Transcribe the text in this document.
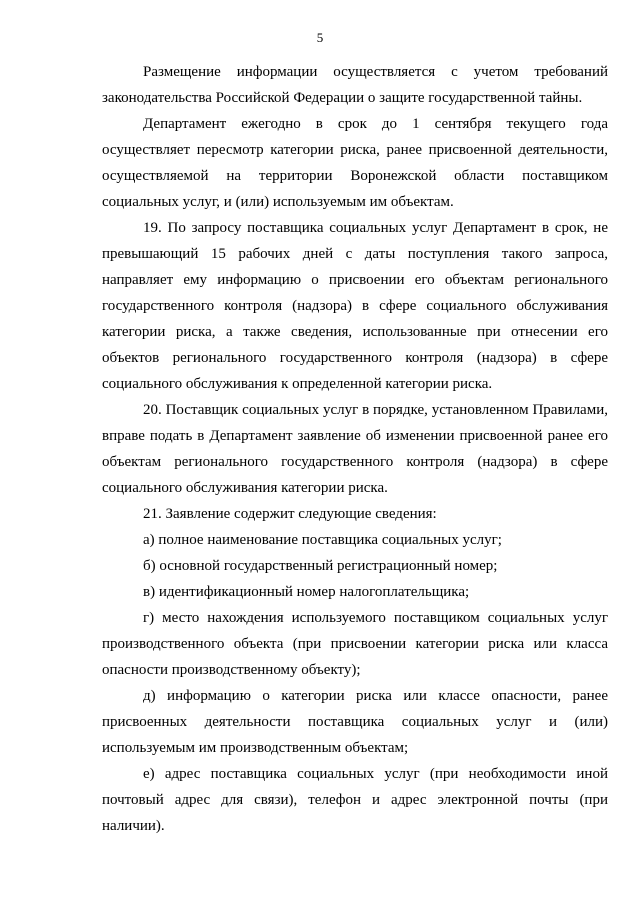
5

Размещение информации осуществляется с учетом требований законодательства Российской Федерации о защите государственной тайны.

Департамент ежегодно в срок до 1 сентября текущего года осуществляет пересмотр категории риска, ранее присвоенной деятельности, осуществляемой на территории Воронежской области поставщиком социальных услуг, и (или) используемым им объектам.

19. По запросу поставщика социальных услуг Департамент в срок, не превышающий 15 рабочих дней с даты поступления такого запроса, направляет ему информацию о присвоении его объектам регионального государственного контроля (надзора) в сфере социального обслуживания категории риска, а также сведения, использованные при отнесении его объектов регионального государственного контроля (надзора) в сфере социального обслуживания к определенной категории риска.

20. Поставщик социальных услуг в порядке, установленном Правилами, вправе подать в Департамент заявление об изменении присвоенной ранее его объектам регионального государственного контроля (надзора) в сфере социального обслуживания категории риска.

21. Заявление содержит следующие сведения:

а) полное наименование поставщика социальных услуг;

б) основной государственный регистрационный номер;

в) идентификационный номер налогоплательщика;

г) место нахождения используемого поставщиком социальных услуг производственного объекта (при присвоении категории риска или класса опасности производственному объекту);

д) информацию о категории риска или классе опасности, ранее присвоенных деятельности поставщика социальных услуг и (или) используемым им производственным объектам;

е) адрес поставщика социальных услуг (при необходимости иной почтовый адрес для связи), телефон и адрес электронной почты (при наличии).
